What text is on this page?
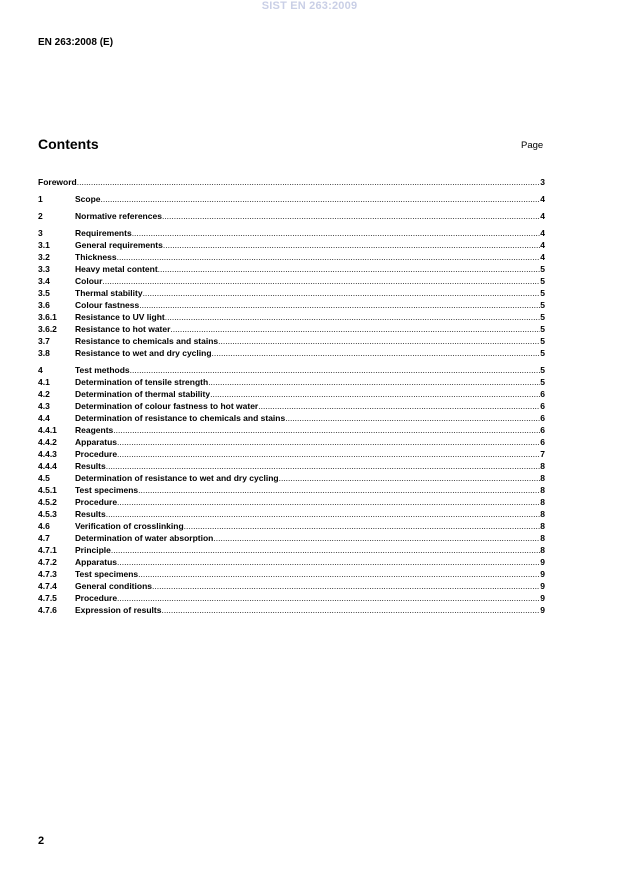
SIST EN 263:2009
EN 263:2008 (E)
Contents	Page
Foreword .....	3
1	Scope .....	4
2	Normative references .....	4
3	Requirements .....	4
3.1	General requirements .....	4
3.2	Thickness .....	4
3.3	Heavy metal content .....	5
3.4	Colour .....	5
3.5	Thermal stability .....	5
3.6	Colour fastness .....	5
3.6.1	Resistance to UV light .....	5
3.6.2	Resistance to hot water .....	5
3.7	Resistance to chemicals and stains .....	5
3.8	Resistance to wet and dry cycling .....	5
4	Test methods .....	5
4.1	Determination of tensile strength .....	5
4.2	Determination of thermal stability .....	6
4.3	Determination of colour fastness to hot water .....	6
4.4	Determination of resistance to chemicals and stains .....	6
4.4.1	Reagents .....	6
4.4.2	Apparatus .....	6
4.4.3	Procedure .....	7
4.4.4	Results .....	8
4.5	Determination of resistance to wet and dry cycling .....	8
4.5.1	Test specimens .....	8
4.5.2	Procedure .....	8
4.5.3	Results .....	8
4.6	Verification of crosslinking .....	8
4.7	Determination of water absorption .....	8
4.7.1	Principle .....	8
4.7.2	Apparatus .....	9
4.7.3	Test specimens .....	9
4.7.4	General conditions .....	9
4.7.5	Procedure .....	9
4.7.6	Expression of results .....	9
2
